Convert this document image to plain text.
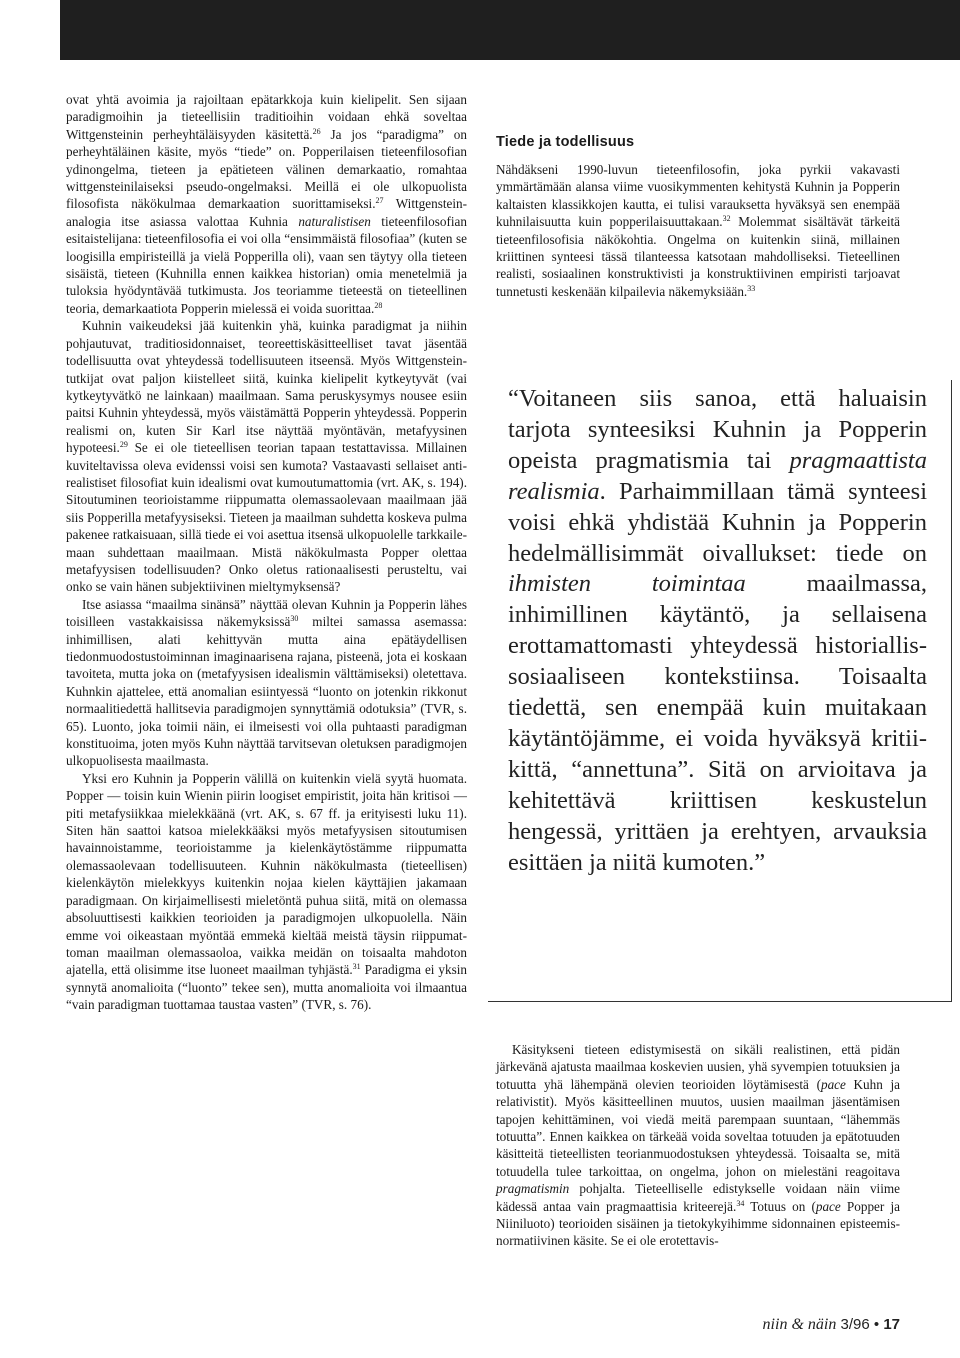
ovat yhtä avoimia ja rajoiltaan epätarkkoja kuin kielipelit. Sen sijaan paradigmoihin ja tieteellisiin traditioihin voidaan ehkä soveltaa Wittgensteinin perheyhtäläisyyden käsitettä.$^{26}$ Ja jos “paradigma” on perheyhtäläinen käsite, myös “tiede” on. Popperilaisen tieteenfilosofian ydinongelma, tieteen ja epätieteen välinen demarkaatio, romahtaa wittgensteinilaiseksi pseudo-ongelmaksi. Meillä ei ole ulkopuolista filosofista näkökulmaa demarkaation suorittamiseksi.$^{27}$ Wittgensteinanalogia itse asiassa valottaa Kuhnia naturalistisen tieteenfilosofian esitaistelijana: tieteenfilosofia ei voi olla “ensimmäistä filosofiaa” (kuten se loogisilla empiristeillä ja vielä Popperilla oli), vaan sen täytyy olla tieteen sisäistä, tieteen (Kuhnilla ennen kaikkea historian) omia menetelmiä ja tuloksia hyödyntävää tutkimusta. Jos teoriamme tieteestä on tieteellinen teoria, demarkaatiota Popperin mielessä ei voida suorittaa.$^{28}$

Kuhnin vaikeudeksi jää kuitenkin yhä, kuinka paradigmat ja niihin pohjautuvat, traditiosidonnaiset, teoreettiskäsitteelliset tavat jäsentää todellisuutta ovat yhteydessä todellisuuteen itseensä. Myös Wittgenstein-tutkijat ovat paljon kiistelleet siitä, kuinka kielipelit kytkeytyvät (vai kytkeytyvätkö ne lainkaan) maailmaan. Sama peruskysymys nousee esiin paitsi Kuhnin yhteydessä, myös väistämättä Popperin yhteydessä. Popperin realismi on, kuten Sir Karl itse näyttää myöntävän, metafyysinen hypoteesi.$^{29}$ Se ei ole tieteellisen teorian tapaan testattavissa. Millainen kuviteltavissa oleva evidenssi voisi sen kumota? Vastaavasti sellaiset antirealistiset filosofiat kuin idealismi ovat kumoutumattomia (vrt. AK, s. 194). Sitoutuminen teorioistamme riippumatta olemassaolevaan maailmaan jää siis Popperilla metafyysiseksi. Tieteen ja maailman suhdetta koskeva pulma pakenee ratkaisuaan, sillä tiede ei voi asettua itsensä ulkopuolelle tarkkailemaan suhdettaan maailmaan. Mistä näkökulmasta Popper olettaa metafyysisen todellisuuden? Onko oletus rationaalisesti perusteltu, vai onko se vain hänen subjektiivinen mieltymyksensä?

Itse asiassa “maailma sinänsä” näyttää olevan Kuhnin ja Popperin lähes toisilleen vastakkaisissa näkemyksissä$^{30}$ miltei samassa asemassa: inhimillisen, alati kehittyvän mutta aina epätäydellisen tiedonmuodostustoiminnan imaginaarisena rajana, pisteenä, jota ei koskaan tavoiteta, mutta joka on (metafyysisen idealismin välttämiseksi) oletettava. Kuhnkin ajattelee, että anomalian esiintyessä “luonto on jotenkin rikkonut normaalitiedettä hallitsevia paradigmojen synnyttämiä odotuksia” (TVR, s. 65). Luonto, joka toimii näin, ei ilmeisesti voi olla puhtaasti paradigman konstituoima, joten myös Kuhn näyttää tarvitsevan oletuksen paradigmojen ulkopuolisesta maailmasta.

Yksi ero Kuhnin ja Popperin välillä on kuitenkin vielä syytä huomata. Popper — toisin kuin Wienin piirin loogiset empiristit, joita hän kritisoi — piti metafysiikkaa mielekkäänä (vrt. AK, s. 67 ff. ja erityisesti luku 11). Siten hän saattoi katsoa mielekkääksi myös metafyysisen sitoutumisen havainnoistamme, teorioistamme ja kielenkäytöstämme riippumatta olemassaolevaan todellisuuteen. Kuhnin näkökulmasta (tieteellisen) kielenkäytön mielekkyys kuitenkin nojaa kielen käyttäjien jakamaan paradigmaan. On kirjaimellisesti mieletöntä puhua siitä, mitä on olemassa absoluuttisesti kaikkien teorioiden ja paradigmojen ulkopuolella. Näin emme voi oikeastaan myöntää emmekä kieltää meistä täysin riippumattoman maailman olemassaoloa, vaikka meidän on toisaalta mahdoton ajatella, että olisimme itse luoneet maailman tyhjästä.$^{31}$ Paradigma ei yksin synnytä anomalioita (“luonto” tekee sen), mutta anomalioita voi ilmaantua “vain paradigman tuottamaa taustaa vasten” (TVR, s. 76).

Tiede ja todellisuus

Nähdäkseni 1990-luvun tieteenfilosofin, joka pyrkii vakavasti ymmärtämään alansa viime vuosikymmenten kehitystä Kuhnin ja Popperin kaltaisten klassikkojen kautta, ei tulisi varauksetta hyväksyä sen enempää kuhnilaisuutta kuin popperilaisuuttakaan.$^{32}$ Molemmat sisältävät tärkeitä tieteenfilosofisia näkökohtia. Ongelma on kuitenkin siinä, millainen kriittinen synteesi tässä tilanteessa katsotaan mahdolliseksi. Tieteellinen realisti, sosiaalinen konstruktivisti ja konstruktiivinen empiristi tarjoavat tunnetusti keskenään kilpailevia näkemyksiään.$^{33}$

“Voitaneen siis sanoa, että haluaisin tarjota synteesiksi Kuhnin ja Popperin opeista pragmatismia tai pragmaattista realismia. Parhaimmillaan tämä synteesi voisi ehkä yhdistää Kuhnin ja Popperin hedelmällisimmät oivallukset: tiede on ihmisten toimintaa maailmassa, inhimillinen käytäntö, ja sellaisena erottamattomasti yhteydessä historiallis-sosiaaliseen kontekstiinsa. Toisaalta tiedettä, sen enempää kuin muitakaan käytäntöjämme, ei voida hyväksyä kritiikittä, “annettuna”. Sitä on arvioitava ja kehitettävä kriittisen keskustelun hengessä, yrittäen ja erehtyen, arvauksia esittäen ja niitä kumoten.”

Käsitykseni tieteen edistymisestä on sikäli realistinen, että pidän järkevänä ajatusta maailmaa koskevien uusien, yhä syvempien totuuksien ja totuutta yhä lähempänä olevien teorioiden löytämisestä (pace Kuhn ja relativistit). Myös käsitteellinen muutos, uusien maailman jäsentämisen tapojen kehittäminen, voi viedä meitä parempaan suuntaan, “lähemmäs totuutta”. Ennen kaikkea on tärkeää voida soveltaa totuuden ja epätotuuden käsitteitä tieteellisten teorianmuodostuksen yhteydessä. Toisaalta se, mitä totuudella tulee tarkoittaa, on ongelma, johon on mielestäni reagoitava pragmatismin pohjalta. Tieteelliselle edistykselle voidaan näin viime kädessä antaa vain pragmaattisia kriteerejä.$^{34}$ Totuus on (pace Popper ja Niiniluoto) teorioiden sisäinen ja tietokykyihimme sidonnainen episteemis-normatiivinen käsite. Se ei ole erotettavis-

niin & näin 3/96 • 17
